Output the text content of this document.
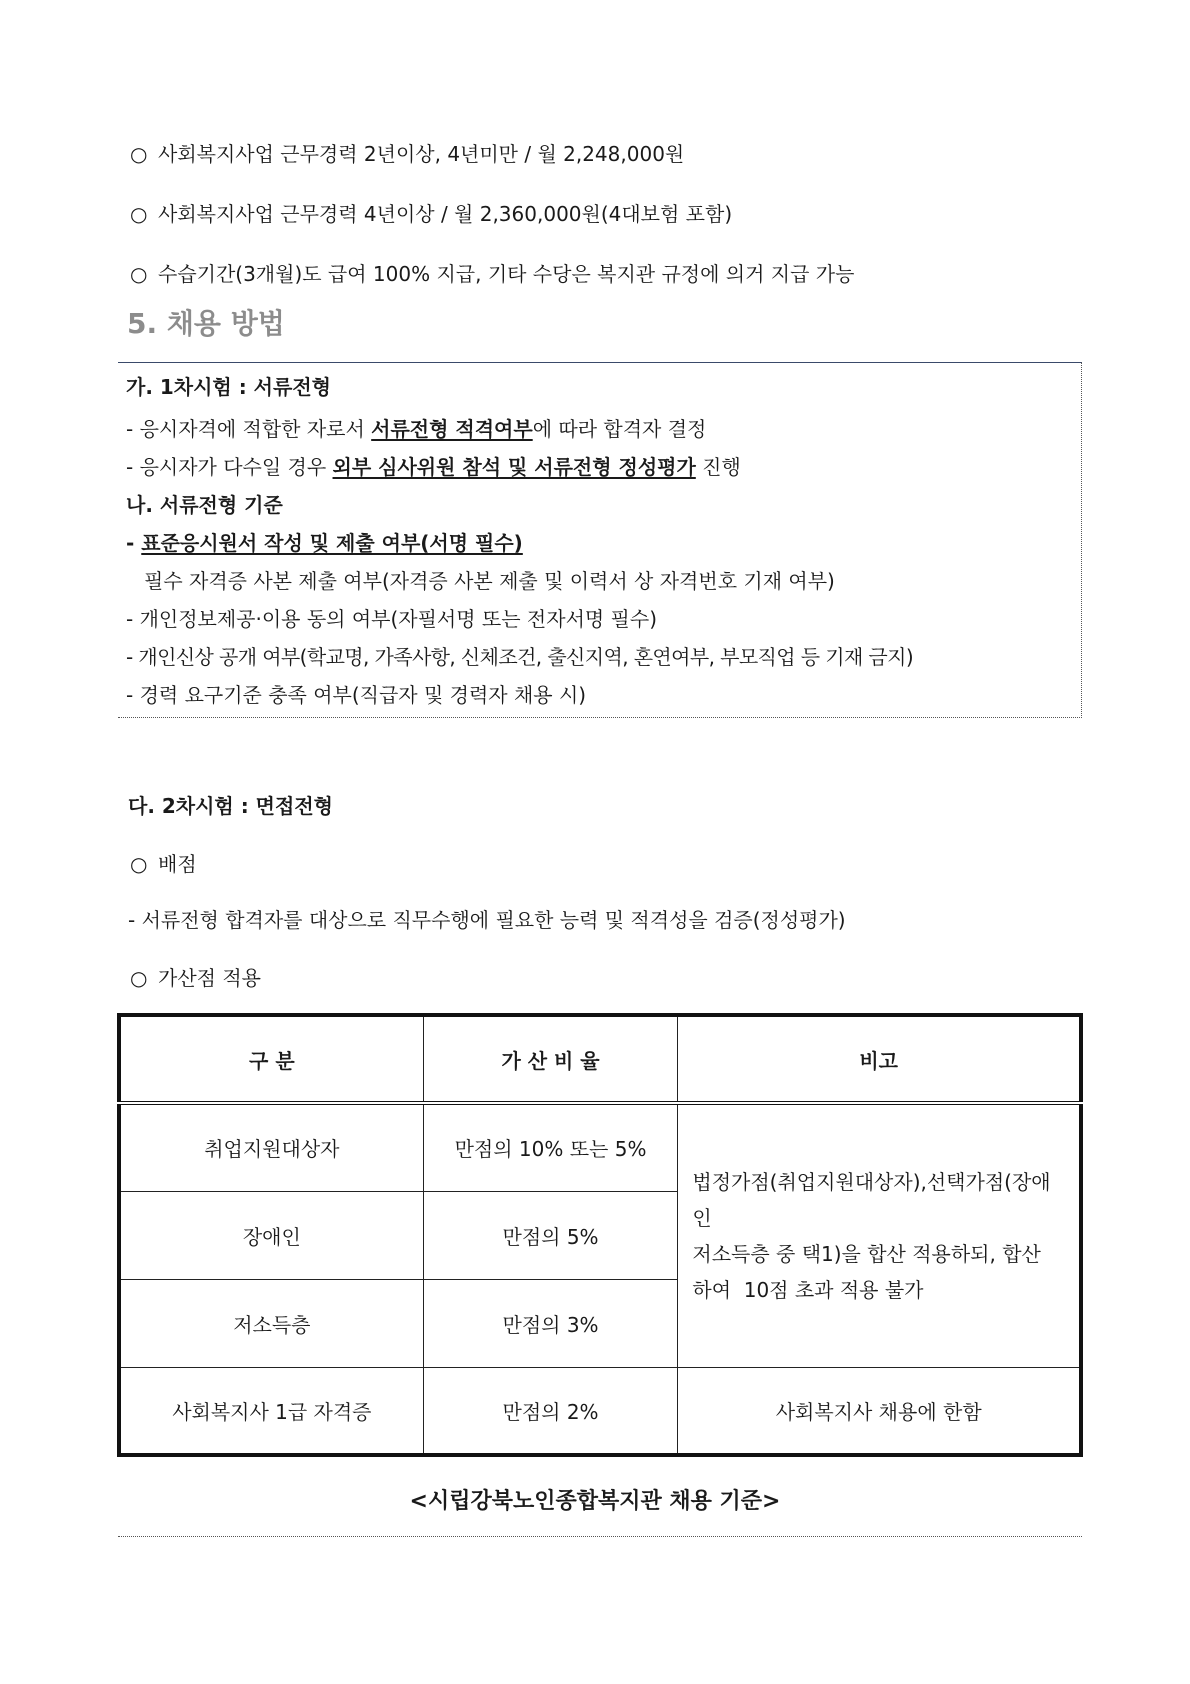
○ 사회복지사업 근무경력 2년이상, 4년미만 / 월 2,248,000원
○ 사회복지사업 근무경력 4년이상 / 월 2,360,000원(4대보험 포함)
○ 수습기간(3개월)도 급여 100% 지급, 기타 수당은 복지관 규정에 의거 지급 가능
5. 채용 방법
가. 1차시험 : 서류전형
- 응시자격에 적합한 자로서 서류전형 적격여부에 따라 합격자 결정
- 응시자가 다수일 경우 외부 심사위원 참석 및 서류전형 정성평가 진행
나. 서류전형 기준
- 표준응시원서 작성 및 제출 여부(서명 필수)
필수 자격증 사본 제출 여부(자격증 사본 제출 및 이력서 상 자격번호 기재 여부)
- 개인정보제공·이용 동의 여부(자필서명 또는 전자서명 필수)
- 개인신상 공개 여부(학교명, 가족사항, 신체조건, 출신지역, 혼연여부, 부모직업 등 기재 금지)
- 경력 요구기준 충족 여부(직급자 및 경력자 채용 시)
다. 2차시험 : 면접전형
○ 배점
- 서류전형 합격자를 대상으로 직무수행에 필요한 능력 및 적격성을 검증(정성평가)
○ 가산점 적용
구 분	가 산 비 율	비고
취업지원대상자	만점의 10% 또는 5%	법정가점(취업지원대상자),선택가점(장애인
저소득층 중 택1)을 합산 적용하되, 합산
하여  10점 초과 적용 불가

장애인	만점의 5%	
저소득층	만점의 3%	
사회복지사 1급 자격증	만점의 2%	사회복지사 채용에 한함
<시립강북노인종합복지관 채용 기준>
